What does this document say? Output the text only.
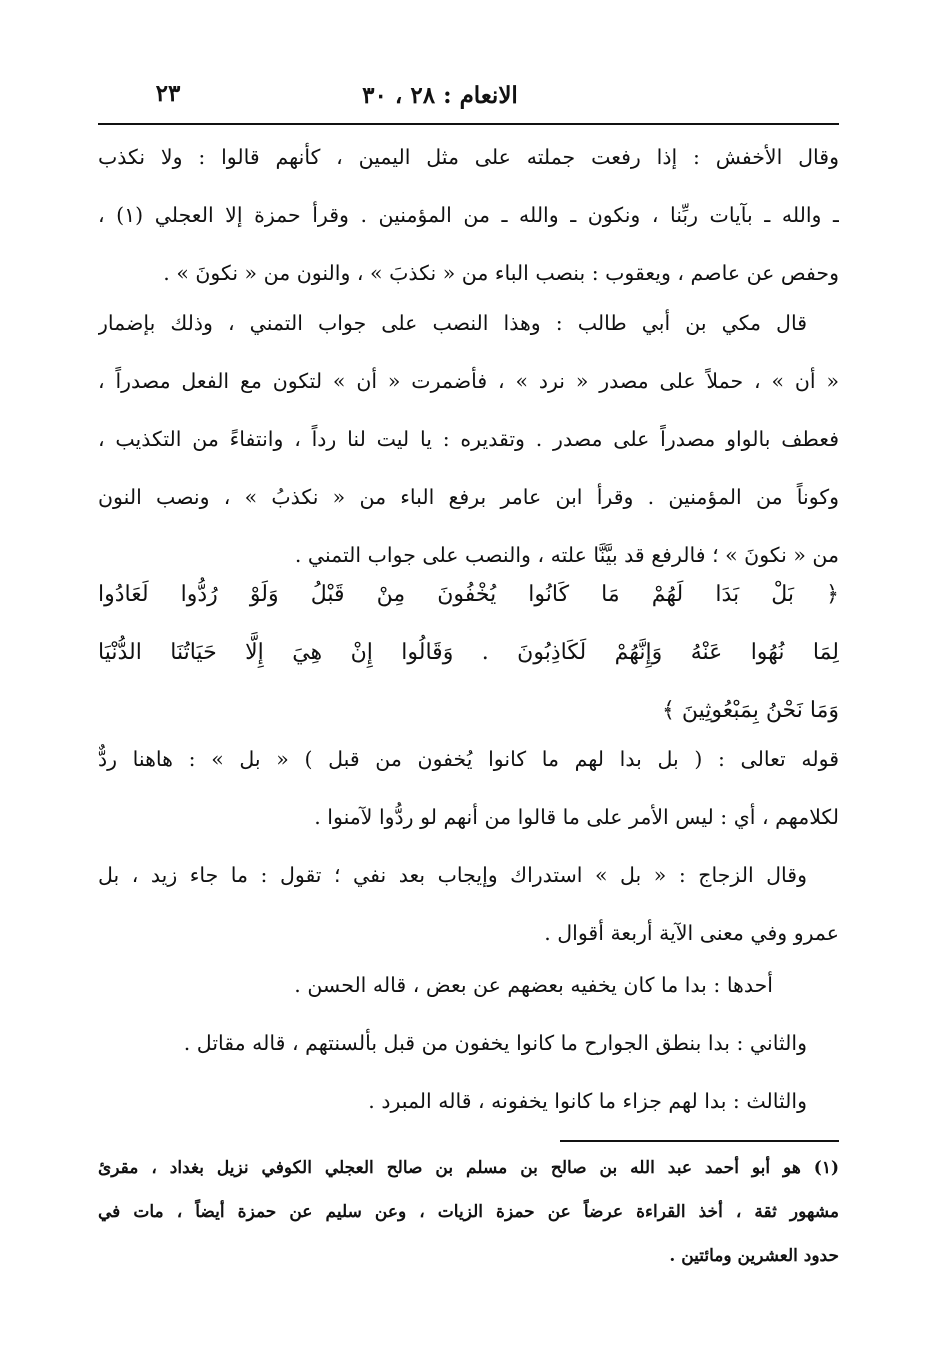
الانعام : ٢٨ ، ٣٠
٢٣
وقال الأخفش : إذا رفعت جملته على مثل اليمين ، كأنهم قالوا : ولا نكذب
ـ والله ـ بآيات ربِّنا ، ونكون ـ والله ـ من المؤمنين . وقرأ حمزة إلا العجلي (١) ،
وحفص عن عاصم ، ويعقوب : بنصب الباء من « نكذبَ » ، والنون من « نكونَ » .
قال مكي بن أبي طالب : وهذا النصب على جواب التمني ، وذلك بإضمار
« أن » ، حملاً على مصدر « نرد » ، فأضمرت « أن » لتكون مع الفعل مصدراً ،
فعطف بالواو مصدراً على مصدر . وتقديره : يا ليت لنا رداً ، وانتفاءً من التكذيب ،
وكوناً من المؤمنين . وقرأ ابن عامر برفع الباء من « نكذبُ » ، ونصب النون
من « نكونَ » ؛ فالرفع قد بيَّنَّا علته ، والنصب على جواب التمني .
﴿ بَلْ بَدَا لَهُمْ مَا كَانُوا يُخْفُونَ مِنْ قَبْلُ وَلَوْ رُدُّوا لَعَادُوا
لِمَا نُهُوا عَنْهُ وَإِنَّهُمْ لَكَاذِبُونَ . وَقَالُوا إِنْ هِيَ إِلَّا حَيَاتُنَا الدُّنْيَا
وَمَا نَحْنُ بِمَبْعُوثِينَ ﴾
قوله تعالى : ( بل بدا لهم ما كانوا يُخفون من قبل ) « بل » : هاهنا ردٌّ
لكلامهم ، أي : ليس الأمر على ما قالوا من أنهم لو ردُّوا لآمنوا .
وقال الزجاج : « بل » استدراك وإيجاب بعد نفي ؛ تقول : ما جاء زيد ، بل
عمرو وفي معنى الآية أربعة أقوال .
أحدها : بدا ما كان يخفيه بعضهم عن بعض ، قاله الحسن .
والثاني : بدا بنطق الجوارح ما كانوا يخفون من قبل بألسنتهم ، قاله مقاتل .
والثالث : بدا لهم جزاء ما كانوا يخفونه ، قاله المبرد .
(١) هو أبو أحمد عبد الله بن صالح بن مسلم بن صالح العجلي الكوفي نزيل بغداد ، مقرئ
مشهور ثقة ، أخذ القراءة عرضاً عن حمزة الزيات ، وعن سليم عن حمزة أيضاً ، مات في
حدود العشرين ومائتين .
